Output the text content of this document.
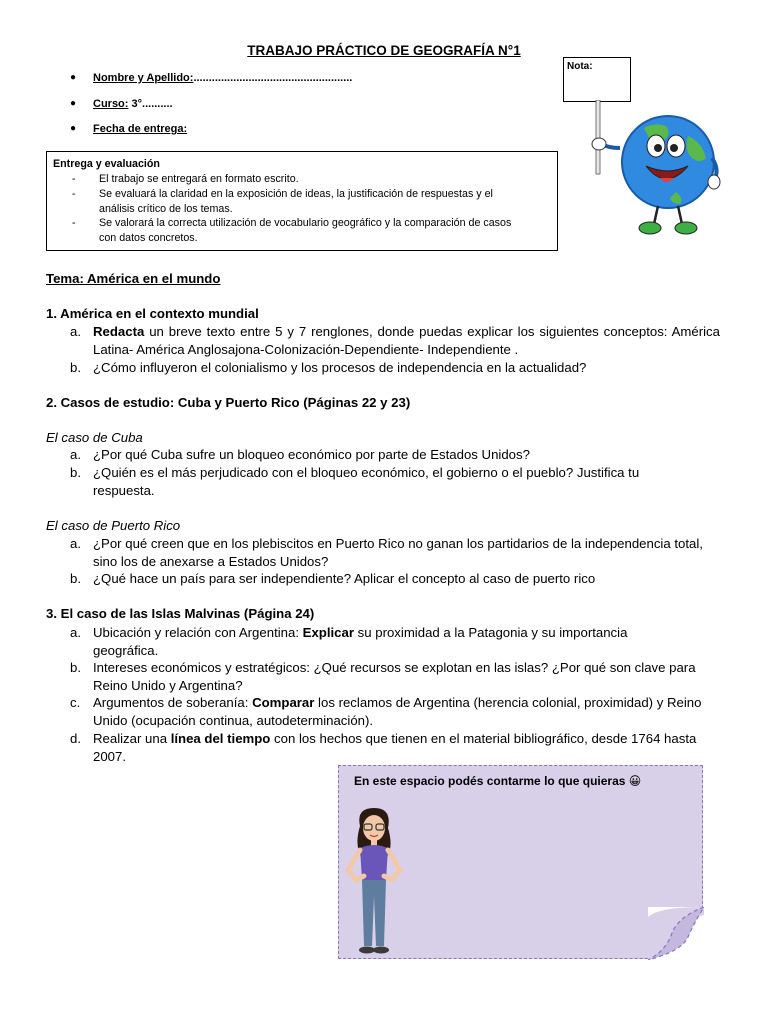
TRABAJO PRÁCTICO DE GEOGRAFÍA N°1
● Nombre y Apellido:....................................................
● Curso: 3°..........
● Fecha de entrega:
Nota:
Entrega y evaluación
- El trabajo se entregará en formato escrito.
- Se evaluará la claridad en la exposición de ideas, la justificación de respuestas y el análisis crítico de los temas.
- Se valorará la correcta utilización de vocabulario geográfico y la comparación de casos con datos concretos.
Tema: América en el mundo
1. América en el contexto mundial
a. Redacta un breve texto entre 5 y 7 renglones, donde puedas explicar los siguientes conceptos: América Latina- América Anglosajona-Colonización-Dependiente- Independiente .
b. ¿Cómo influyeron el colonialismo y los procesos de independencia en la actualidad?
2. Casos de estudio: Cuba y Puerto Rico (Páginas 22 y 23)
El caso de Cuba
a. ¿Por qué Cuba sufre un bloqueo económico por parte de Estados Unidos?
b. ¿Quién es el más perjudicado con el bloqueo económico, el gobierno o el pueblo? Justifica tu respuesta.
El caso de Puerto Rico
a. ¿Por qué creen que en los plebiscitos en Puerto Rico no ganan los partidarios de la independencia total, sino los de anexarse a Estados Unidos?
b. ¿Qué hace un país para ser independiente? Aplicar el concepto al caso de puerto rico
3. El caso de las Islas Malvinas (Página 24)
a. Ubicación y relación con Argentina: Explicar su proximidad a la Patagonia y su importancia geográfica.
b. Intereses económicos y estratégicos: ¿Qué recursos se explotan en las islas? ¿Por qué son clave para Reino Unido y Argentina?
c. Argumentos de soberanía: Comparar los reclamos de Argentina (herencia colonial, proximidad) y Reino Unido (ocupación continua, autodeterminación).
d. Realizar una línea del tiempo con los hechos que tienen en el material bibliográfico, desde 1764 hasta 2007.
En este espacio podés contarme lo que quieras 😀
